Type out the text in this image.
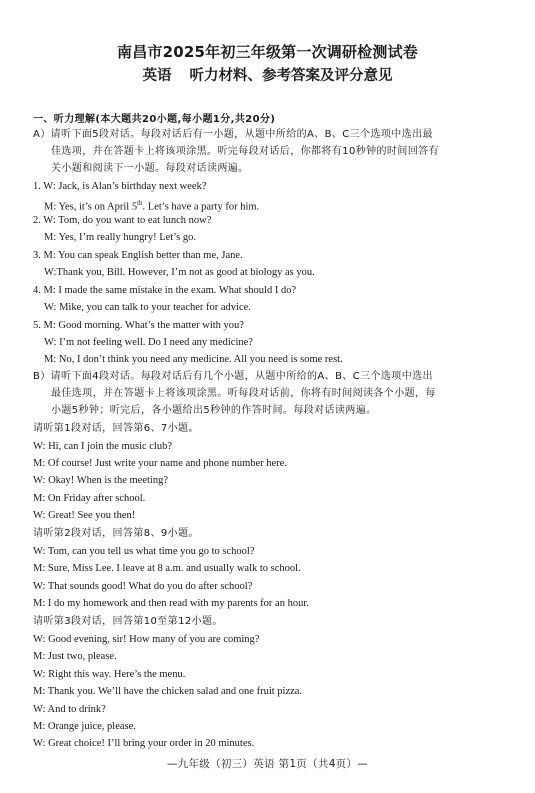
南昌市2025年初三年级第一次调研检测试卷
英语 听力材料、参考答案及评分意见
一、听力理解(本大题共20小题,每小题1分,共20分)
A）请听下面5段对话。每段对话后有一小题，从题中所给的A、B、C三个选项中选出最
佳选项，并在答题卡上将该项涂黑。听完每段对话后，你都将有10秒钟的时间回答有
关小题和阅读下一小题。每段对话读两遍。
1. W: Jack, is Alan’s birthday next week?
M: Yes, it’s on April 5th. Let’s have a party for him.
2. W: Tom, do you want to eat lunch now?
M: Yes, I’m really hungry! Let’s go.
3. M: You can speak English better than me, Jane.
W:Thank you, Bill. However, I’m not as good at biology as you.
4. M: I made the same mistake in the exam. What should I do?
W: Mike, you can talk to your teacher for advice.
5. M: Good morning. What’s the matter with you?
W: I’m not feeling well. Do I need any medicine?
M: No, I don’t think you need any medicine. All you need is some rest.
B）请听下面4段对话。每段对话后有几个小题，从题中所给的A、B、C三个选项中选出
最佳选项，并在答题卡上将该项涂黑。听每段对话前，你将有时间阅读各个小题，每
小题5秒钟；听完后，各小题给出5秒钟的作答时间。每段对话读两遍。
请听第1段对话，回答第6、7小题。
W: Hi, can I join the music club?
M: Of course! Just write your name and phone number here.
W: Okay! When is the meeting?
M: On Friday after school.
W: Great! See you then!
请听第2段对话，回答第8、9小题。
W: Tom, can you tell us what time you go to school?
M: Sure, Miss Lee. I leave at 8 a.m. and usually walk to school.
W: That sounds good! What do you do after school?
M: I do my homework and then read with my parents for an hour.
请听第3段对话，回答第10至第12小题。
W: Good evening, sir! How many of you are coming?
M: Just two, please.
W: Right this way. Here’s the menu.
M: Thank you. We’ll have the chicken salad and one fruit pizza.
W: And to drink?
M: Orange juice, please.
W: Great choice! I’ll bring your order in 20 minutes.
—九年级（初三）英语 第1页（共4页）—
